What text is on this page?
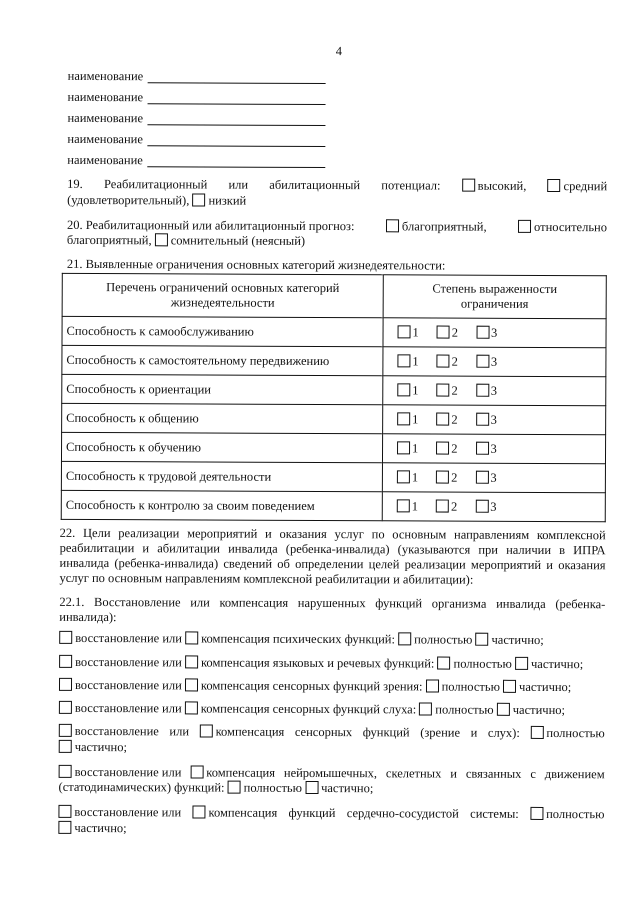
4
наименование
наименование
наименование
наименование
наименование
19. Реабилитационный или абилитационный потенциал:	высокий,	средний
(удовлетворительный), низкий
20. Реабилитационный или абилитационный прогноз:	благоприятный,	относительно
благоприятный, сомнительный (неясный)
21. Выявленные ограничения основных категорий жизнедеятельности:
Перечень ограничений основных категорий жизнедеятельности	Степень выраженности ограничения
Способность к самообслуживанию	1 2 3
Способность к самостоятельному передвижению	1 2 3
Способность к ориентации	1 2 3
Способность к общению	1 2 3
Способность к обучению	1 2 3
Способность к трудовой деятельности	1 2 3
Способность к контролю за своим поведением	1 2 3
22. Цели реализации мероприятий и оказания услуг по основным направлениям комплексной
реабилитации и абилитации инвалида (ребенка-инвалида) (указываются при наличии в ИПРА
инвалида (ребенка-инвалида) сведений об определении целей реализации мероприятий и оказания
услуг по основным направлениям комплексной реабилитации и абилитации):
22.1. Восстановление или компенсация нарушенных функций организма инвалида (ребенка-
инвалида):
восстановление или компенсация психических функций: полностью частично;
восстановление или компенсация языковых и речевых функций: полностью частично;
восстановление или компенсация сенсорных функций зрения: полностью частично;
восстановление или компенсация сенсорных функций слуха: полностью частично;
восстановление или	компенсация сенсорных функций (зрение и слух):	полностью
частично;
восстановление или	компенсация нейромышечных, скелетных и связанных с движением
(статодинамических) функций: полностью частично;
восстановление или	компенсация функций сердечно-сосудистой системы:	полностью
частично;
